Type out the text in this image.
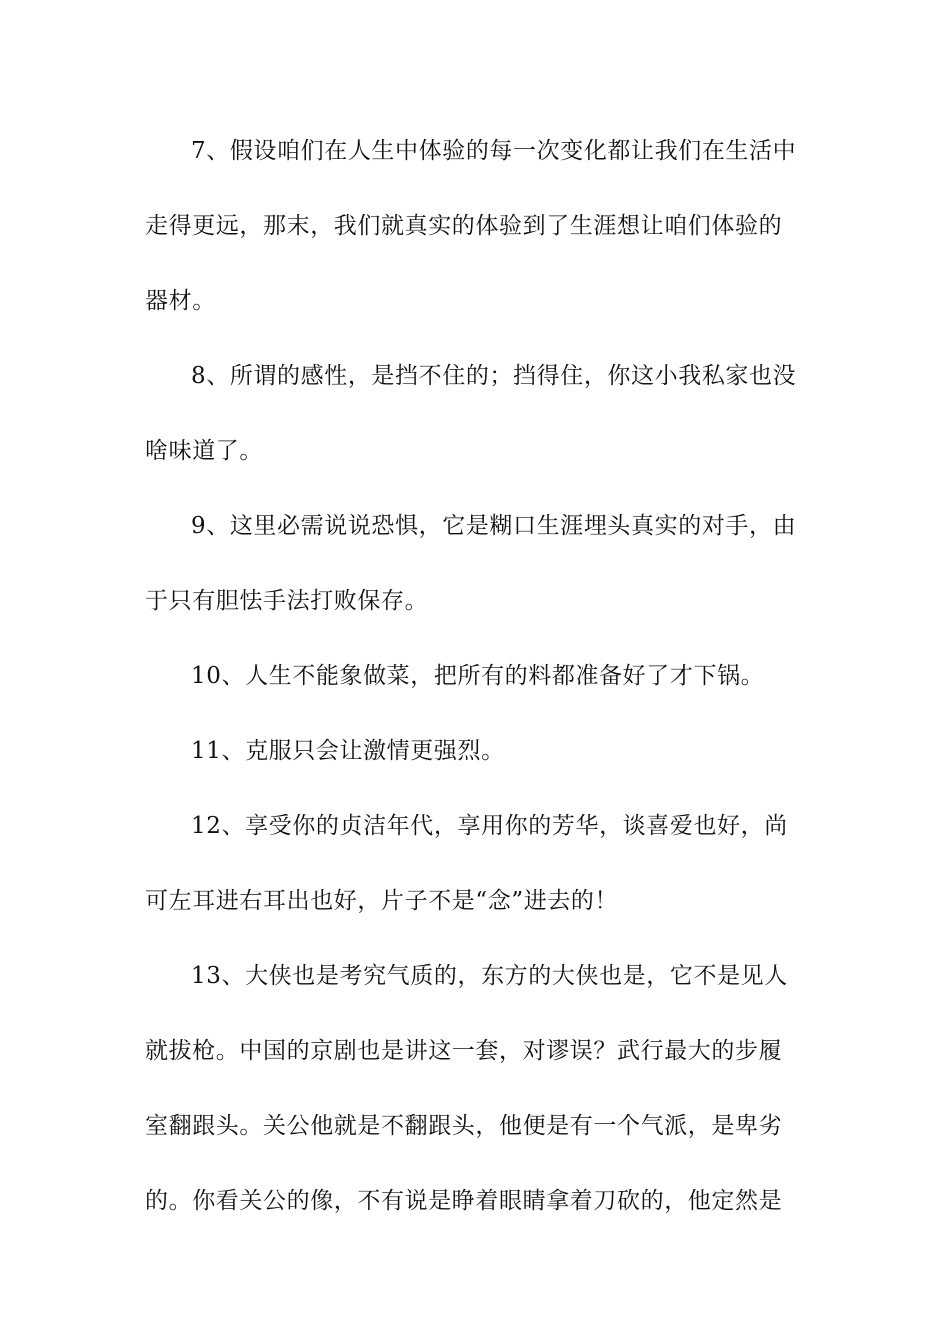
7、假设咱们在人生中体验的每一次变化都让我们在生活中
走得更远，那末，我们就真实的体验到了生涯想让咱们体验的
器材。
8、所谓的感性，是挡不住的；挡得住，你这小我私家也没
啥味道了。
9、这里必需说说恐惧，它是糊口生涯埋头真实的对手，由
于只有胆怯手法打败保存。
10、人生不能象做菜，把所有的料都准备好了才下锅。
11、克服只会让激情更强烈。
12、享受你的贞洁年代，享用你的芳华，谈喜爱也好，尚
可左耳进右耳出也好，片子不是“念”进去的！
13、大侠也是考究气质的，东方的大侠也是，它不是见人
就拔枪。中国的京剧也是讲这一套，对谬误？武行最大的步履
室翻跟头。关公他就是不翻跟头，他便是有一个气派，是卑劣
的。你看关公的像，不有说是睁着眼睛拿着刀砍的，他定然是
